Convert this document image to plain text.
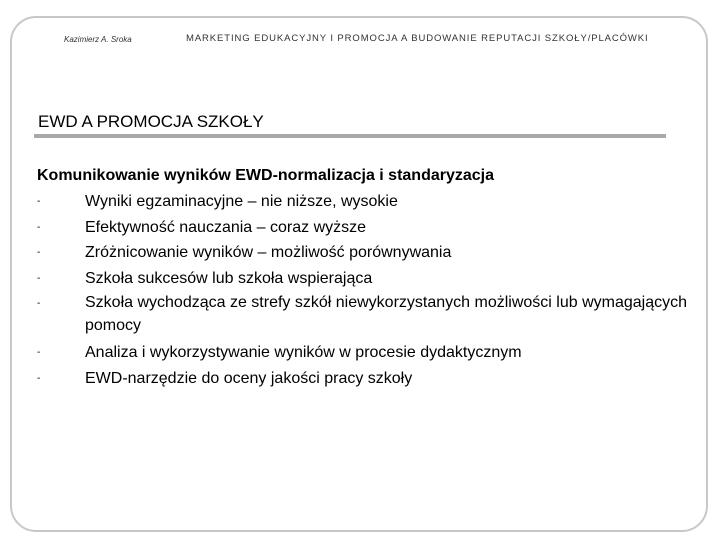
Kazimierz A. Sroka	MARKETING EDUKACYJNY I PROMOCJA A BUDOWANIE REPUTACJI SZKOŁY/PLACÓWKI
EWD A PROMOCJA SZKOŁY

Komunikowanie wyników EWD-normalizacja i standaryzacja

-	Wyniki egzaminacyjne – nie niższe, wysokie
-	Efektywność nauczania – coraz wyższe
-	Zróżnicowanie wyników – możliwość porównywania
-	Szkoła sukcesów lub szkoła wspierająca
-	Szkoła wychodząca ze strefy szkół niewykorzystanych możliwości lub wymagających pomocy
-	Analiza i wykorzystywanie wyników w procesie dydaktycznym
-	EWD-narzędzie do oceny jakości pracy szkoły
